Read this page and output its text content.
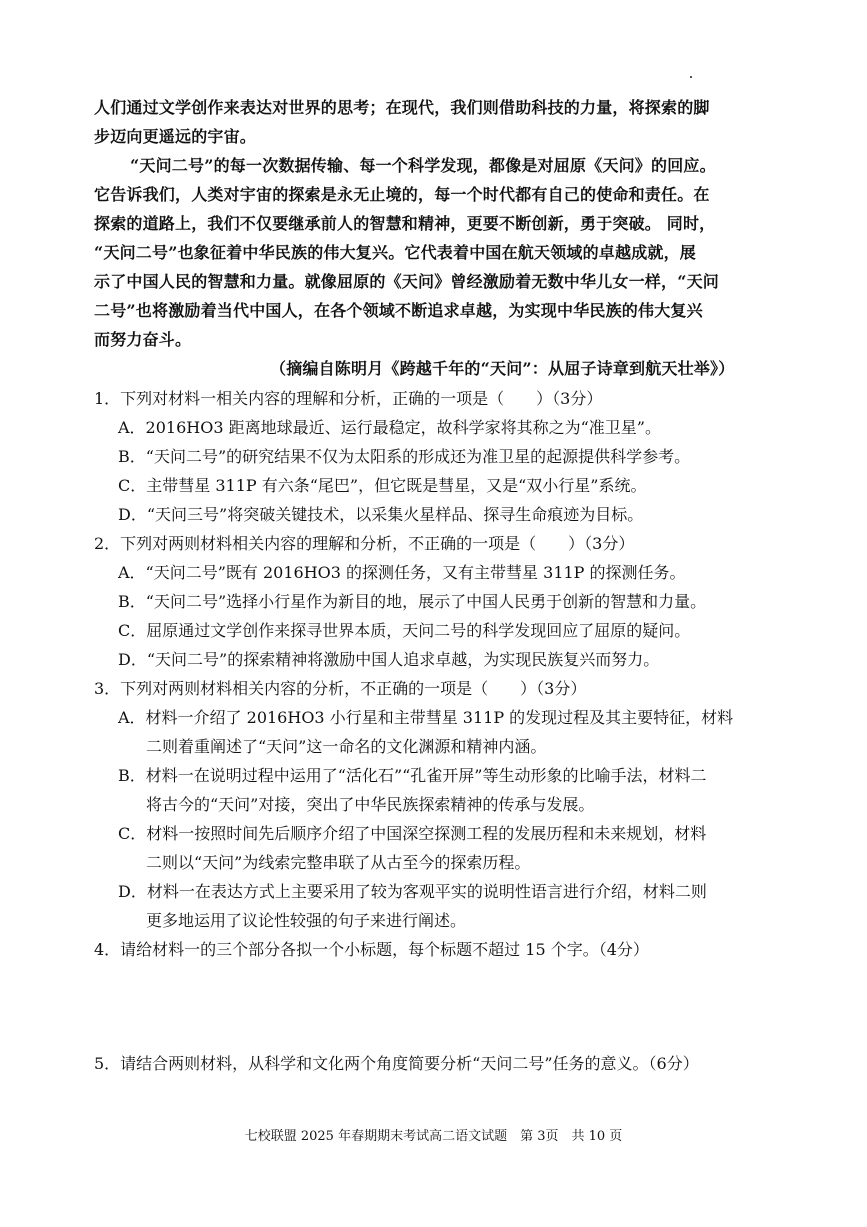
人们通过文学创作来表达对世界的思考；在现代，我们则借助科技的力量，将探索的脚
步迈向更遥远的宇宙。
“天问二号”的每一次数据传输、每一个科学发现，都像是对屈原《天问》的回应。
它告诉我们，人类对宇宙的探索是永无止境的，每一个时代都有自己的使命和责任。在
探索的道路上，我们不仅要继承前人的智慧和精神，更要不断创新，勇于突破。 同时，
“天问二号”也象征着中华民族的伟大复兴。它代表着中国在航天领域的卓越成就，展
示了中国人民的智慧和力量。就像屈原的《天问》曾经激励着无数中华儿女一样，“天问
二号”也将激励着当代中国人，在各个领域不断追求卓越，为实现中华民族的伟大复兴
而努力奋斗。
（摘编自陈明月《跨越千年的“天问”：从屈子诗章到航天壮举》）
1．下列对材料一相关内容的理解和分析，正确的一项是（　　）（3分）
A．2016HO3 距离地球最近、运行最稳定，故科学家将其称之为“准卫星”。
B．“天问二号”的研究结果不仅为太阳系的形成还为准卫星的起源提供科学参考。
C．主带彗星 311P 有六条“尾巴”，但它既是彗星，又是“双小行星”系统。
D．“天问三号”将突破关键技术，以采集火星样品、探寻生命痕迹为目标。
2．下列对两则材料相关内容的理解和分析，不正确的一项是（　　）（3分）
A．“天问二号”既有 2016HO3 的探测任务，又有主带彗星 311P 的探测任务。
B．“天问二号”选择小行星作为新目的地，展示了中国人民勇于创新的智慧和力量。
C．屈原通过文学创作来探寻世界本质，天问二号的科学发现回应了屈原的疑问。
D．“天问二号”的探索精神将激励中国人追求卓越，为实现民族复兴而努力。
3．下列对两则材料相关内容的分析，不正确的一项是（　　）（3分）
A．材料一介绍了 2016HO3 小行星和主带彗星 311P 的发现过程及其主要特征，材料
二则着重阐述了“天问”这一命名的文化渊源和精神内涵。
B．材料一在说明过程中运用了“活化石”“孔雀开屏”等生动形象的比喻手法，材料二
将古今的“天问”对接，突出了中华民族探索精神的传承与发展。
C．材料一按照时间先后顺序介绍了中国深空探测工程的发展历程和未来规划，材料
二则以“天问”为线索完整串联了从古至今的探索历程。
D．材料一在表达方式上主要采用了较为客观平实的说明性语言进行介绍，材料二则
更多地运用了议论性较强的句子来进行阐述。
4．请给材料一的三个部分各拟一个小标题，每个标题不超过 15 个字。（4分）
5．请结合两则材料，从科学和文化两个角度简要分析“天问二号”任务的意义。（6分）
七校联盟 2025 年春期期末考试高二语文试题　第 3页　共 10 页
